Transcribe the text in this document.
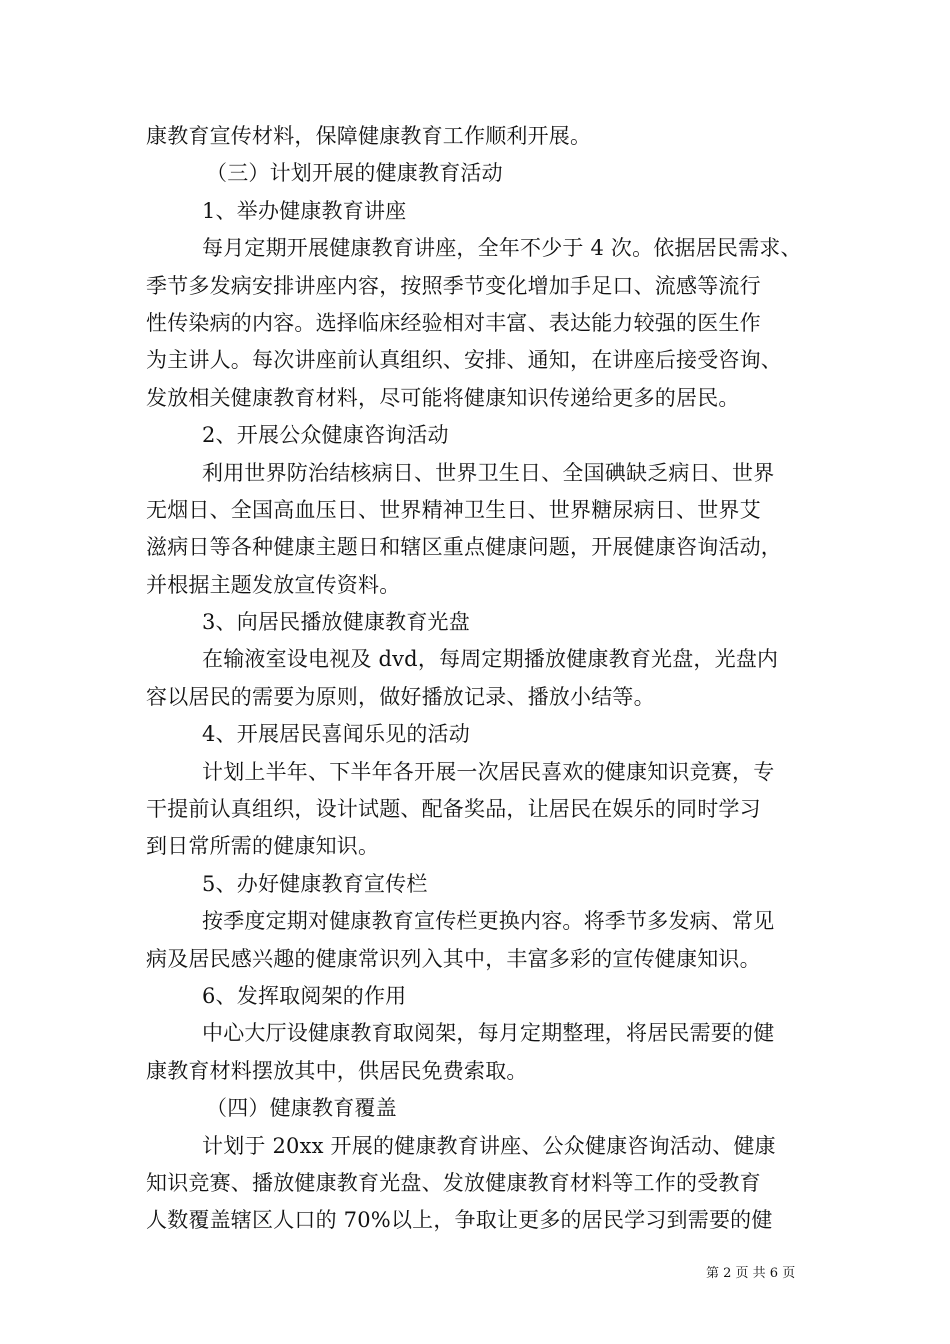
康教育宣传材料，保障健康教育工作顺利开展。
（三）计划开展的健康教育活动
1、举办健康教育讲座
每月定期开展健康教育讲座，全年不少于 4 次。依据居民需求、
季节多发病安排讲座内容，按照季节变化增加手足口、流感等流行
性传染病的内容。选择临床经验相对丰富、表达能力较强的医生作
为主讲人。每次讲座前认真组织、安排、通知，在讲座后接受咨询、
发放相关健康教育材料，尽可能将健康知识传递给更多的居民。
2、开展公众健康咨询活动
利用世界防治结核病日、世界卫生日、全国碘缺乏病日、世界
无烟日、全国高血压日、世界精神卫生日、世界糖尿病日、世界艾
滋病日等各种健康主题日和辖区重点健康问题，开展健康咨询活动，
并根据主题发放宣传资料。
3、向居民播放健康教育光盘
在输液室设电视及 dvd，每周定期播放健康教育光盘，光盘内
容以居民的需要为原则，做好播放记录、播放小结等。
4、开展居民喜闻乐见的活动
计划上半年、下半年各开展一次居民喜欢的健康知识竞赛，专
干提前认真组织，设计试题、配备奖品，让居民在娱乐的同时学习
到日常所需的健康知识。
5、办好健康教育宣传栏
按季度定期对健康教育宣传栏更换内容。将季节多发病、常见
病及居民感兴趣的健康常识列入其中，丰富多彩的宣传健康知识。
6、发挥取阅架的作用
中心大厅设健康教育取阅架，每月定期整理，将居民需要的健
康教育材料摆放其中，供居民免费索取。
（四）健康教育覆盖
计划于 20xx 开展的健康教育讲座、公众健康咨询活动、健康
知识竞赛、播放健康教育光盘、发放健康教育材料等工作的受教育
人数覆盖辖区人口的 70%以上，争取让更多的居民学习到需要的健
第 2 页 共 6 页
